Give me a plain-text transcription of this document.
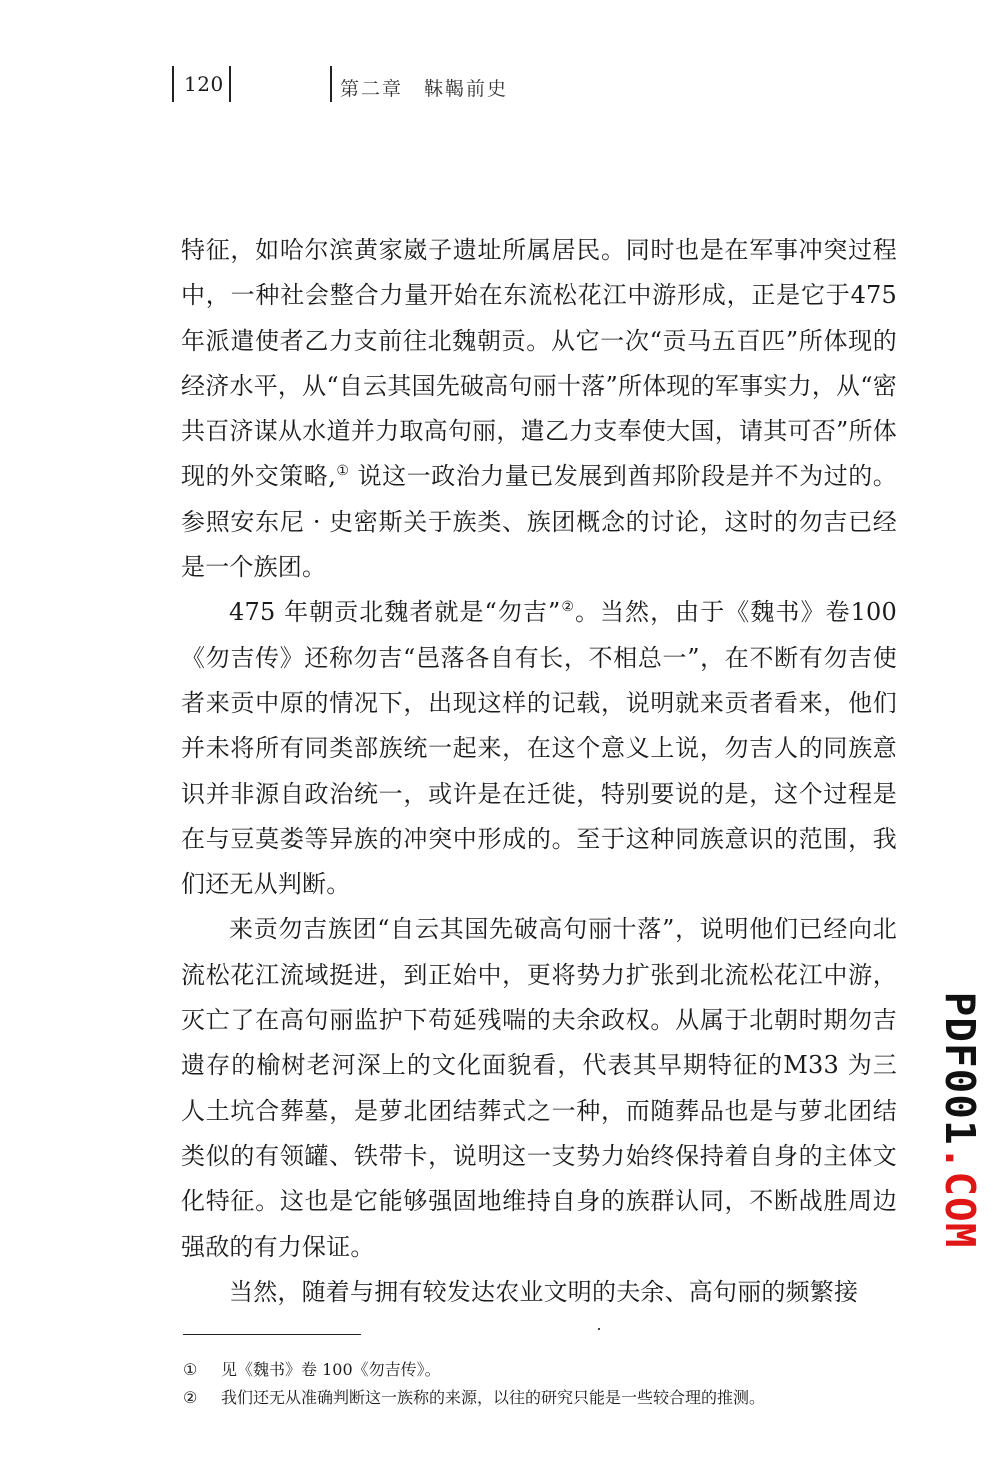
120	第二章　靺鞨前史

特征，如哈尔滨黄家崴子遗址所属居民。同时也是在军事冲突过程中，一种社会整合力量开始在东流松花江中游形成，正是它于475 年派遣使者乙力支前往北魏朝贡。从它一次“贡马五百匹”所体现的经济水平，从“自云其国先破高句丽十落”所体现的军事实力，从“密共百济谋从水道并力取高句丽，遣乙力支奉使大国，请其可否”所体现的外交策略,① 说这一政治力量已发展到酋邦阶段是并不为过的。参照安东尼 · 史密斯关于族类、族团概念的讨论，这时的勿吉已经是一个族团。

475 年朝贡北魏者就是“勿吉”②。当然，由于《魏书》卷100《勿吉传》还称勿吉“邑落各自有长，不相总一”，在不断有勿吉使者来贡中原的情况下，出现这样的记载，说明就来贡者看来，他们并未将所有同类部族统一起来，在这个意义上说，勿吉人的同族意识并非源自政治统一，或许是在迁徙，特别要说的是，这个过程是在与豆莫娄等异族的冲突中形成的。至于这种同族意识的范围，我们还无从判断。

来贡勿吉族团“自云其国先破高句丽十落”，说明他们已经向北流松花江流域挺进，到正始中，更将势力扩张到北流松花江中游，灭亡了在高句丽监护下苟延残喘的夫余政权。从属于北朝时期勿吉遗存的榆树老河深上的文化面貌看，代表其早期特征的M33 为三人土坑合葬墓，是萝北团结葬式之一种，而随葬品也是与萝北团结类似的有领罐、铁带卡，说明这一支势力始终保持着自身的主体文化特征。这也是它能够强固地维持自身的族群认同，不断战胜周边强敌的有力保证。

当然，随着与拥有较发达农业文明的夫余、高句丽的频繁接

①	见《魏书》卷 100《勿吉传》。
②	我们还无从准确判断这一族称的来源，以往的研究只能是一些较合理的推测。
PDF001.COM
